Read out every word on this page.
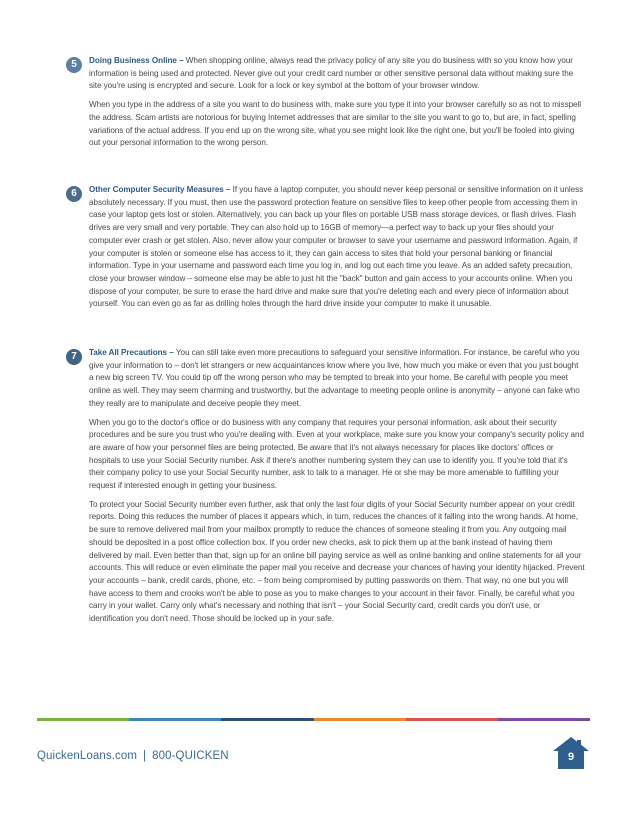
5	Doing Business Online – When shopping online, always read the privacy policy of any site you do business with so you know how your information is being used and protected. Never give out your credit card number or other sensitive personal data without making sure the site you're using is encrypted and secure. Look for a lock or key symbol at the bottom of your browser window.

When you type in the address of a site you want to do business with, make sure you type it into your browser carefully so as not to misspell the address. Scam artists are notorious for buying Internet addresses that are similar to the site you want to go to, but are, in fact, spelling variations of the actual address. If you end up on the wrong site, what you see might look like the right one, but you'll be fooled into giving out your personal information to the wrong person.

6	Other Computer Security Measures – If you have a laptop computer, you should never keep personal or sensitive information on it unless absolutely necessary. If you must, then use the password protection feature on sensitive files to keep other people from accessing them in case your laptop gets lost or stolen. Alternatively, you can back up your files on portable USB mass storage devices, or flash drives. Flash drives are very small and very portable. They can also hold up to 16GB of memory—a perfect way to back up your files should your computer ever crash or get stolen. Also, never allow your computer or browser to save your username and password information. Again, if your computer is stolen or someone else has access to it, they can gain access to sites that hold your personal banking or financial information. Type in your username and password each time you log in, and log out each time you leave. As an added safety precaution, close your browser window – someone else may be able to just hit the "back" button and gain access to your accounts online. When you dispose of your computer, be sure to erase the hard drive and make sure that you're deleting each and every piece of information about yourself. You can even go as far as drilling holes through the hard drive inside your computer to make it unusable.

7	Take All Precautions – You can still take even more precautions to safeguard your sensitive information. For instance, be careful who you give your information to – don't let strangers or new acquaintances know where you live, how much you make or even that you just bought a new big screen TV. You could tip off the wrong person who may be tempted to break into your home. Be careful with people you meet online as well. They may seem charming and trustworthy, but the advantage to meeting people online is anonymity – anyone can fake who they really are to manipulate and deceive people they meet.

When you go to the doctor's office or do business with any company that requires your personal information, ask about their security procedures and be sure you trust who you're dealing with. Even at your workplace, make sure you know your company's security policy and are aware of how your personnel files are being protected. Be aware that it's not always necessary for places like doctors' offices or hospitals to use your Social Security number. Ask if there's another numbering system they can use to identify you. If you're told that it's their company policy to use your Social Security number, ask to talk to a manager. He or she may be more amenable to fulfilling your request if interested enough in getting your business.

To protect your Social Security number even further, ask that only the last four digits of your Social Security number appear on your credit reports. Doing this reduces the number of places it appears which, in turn, reduces the chances of it falling into the wrong hands. At home, be sure to remove delivered mail from your mailbox promptly to reduce the chances of someone stealing it from you. Any outgoing mail should be deposited in a post office collection box. If you order new checks, ask to pick them up at the bank instead of having them delivered by mail. Even better than that, sign up for an online bill paying service as well as online banking and online statements for all your accounts. This will reduce or even eliminate the paper mail you receive and decrease your chances of having your identity hijacked. Prevent your accounts – bank, credit cards, phone, etc. – from being compromised by putting passwords on them. That way, no one but you will have access to them and crooks won't be able to pose as you to make changes to your account in their favor. Finally, be careful what you carry in your wallet. Carry only what's necessary and nothing that isn't – your Social Security card, credit cards you don't use, or identification you don't need. Those should be locked up in your safe.

QuickenLoans.com | 800-QUICKEN	9
